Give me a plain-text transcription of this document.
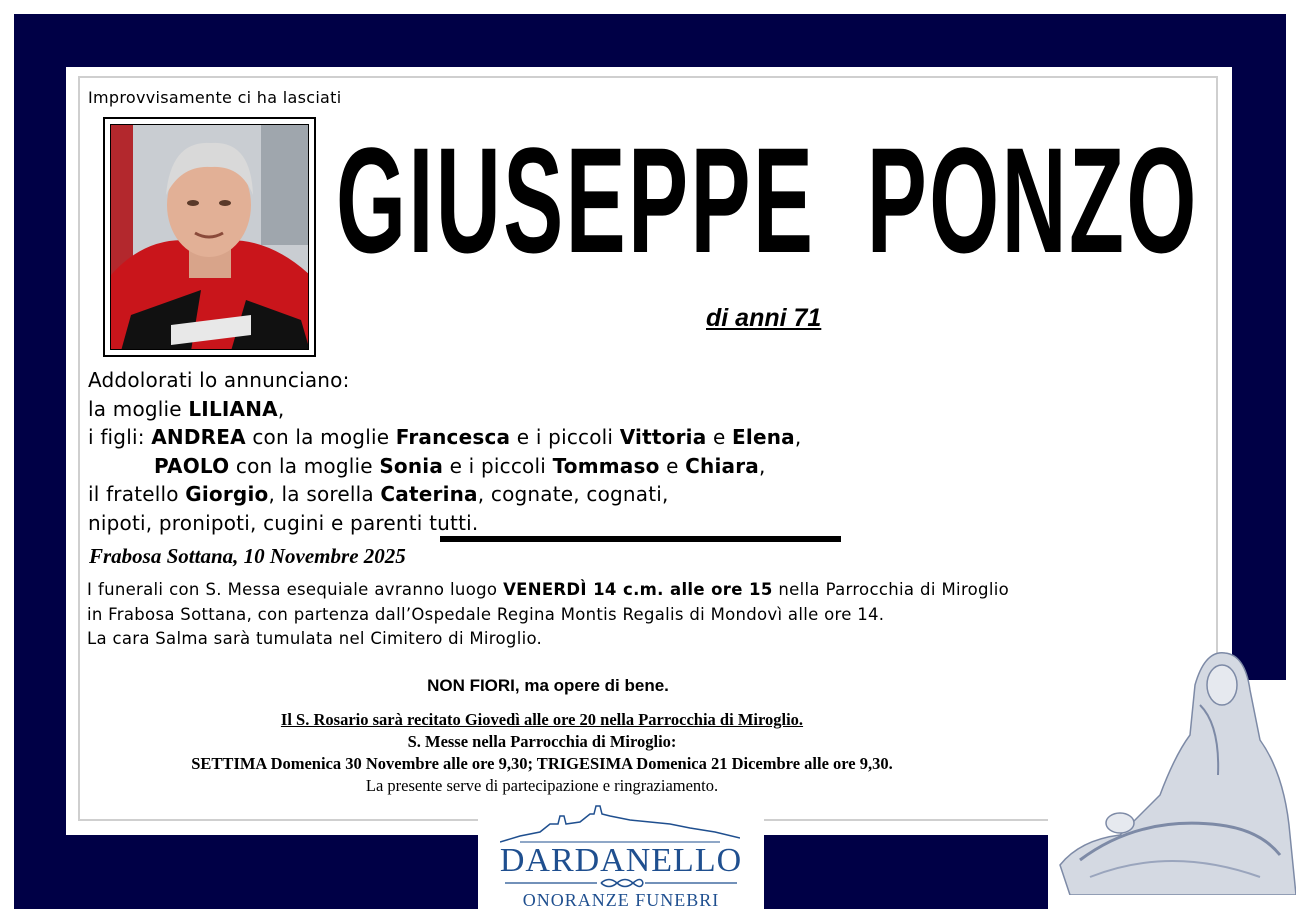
Improvvisamente ci ha lasciati
GIUSEPPE PONZO
di anni 71
Addolorati lo annunciano:
la moglie LILIANA,
i figli: ANDREA con la moglie Francesca e i piccoli Vittoria e Elena,
PAOLO con la moglie Sonia e i piccoli Tommaso e Chiara,
il fratello Giorgio, la sorella Caterina, cognate, cognati,
nipoti, pronipoti, cugini e parenti tutti.
Frabosa Sottana, 10 Novembre 2025
I funerali con S. Messa esequiale avranno luogo VENERDÌ 14 c.m. alle ore 15 nella Parrocchia di Miroglio in Frabosa Sottana, con partenza dall’Ospedale Regina Montis Regalis di Mondovì alle ore 14.
La cara Salma sarà tumulata nel Cimitero di Miroglio.
NON FIORI, ma opere di bene.
Il S. Rosario sarà recitato Giovedì alle ore 20 nella Parrocchia di Miroglio.
S. Messe nella Parrocchia di Miroglio:
SETTIMA Domenica 30 Novembre alle ore 9,30; TRIGESIMA Domenica 21 Dicembre alle ore 9,30.
La presente serve di partecipazione e ringraziamento.
DARDANELLO
ONORANZE FUNEBRI
